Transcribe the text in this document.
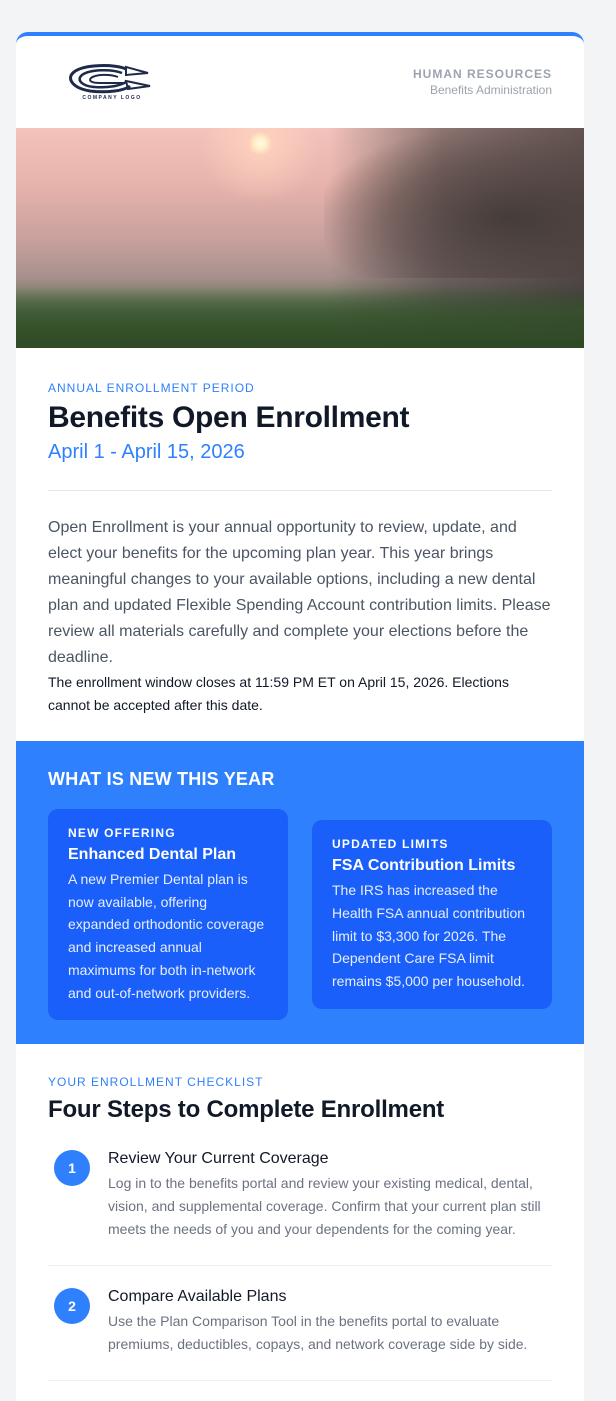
COMPANY LOGO
HUMAN RESOURCES
Benefits Administration
ANNUAL ENROLLMENT PERIOD
Benefits Open Enrollment
April 1 - April 15, 2026

Open Enrollment is your annual opportunity to review, update, and elect your benefits for the upcoming plan year. This year brings meaningful changes to your available options, including a new dental plan and updated Flexible Spending Account contribution limits. Please review all materials carefully and complete your elections before the deadline.

The enrollment window closes at 11:59 PM ET on April 15, 2026. Elections cannot be accepted after this date.

WHAT IS NEW THIS YEAR
NEW OFFERING
Enhanced Dental Plan
A new Premier Dental plan is now available, offering expanded orthodontic coverage and increased annual maximums for both in-network and out-of-network providers.
UPDATED LIMITS
FSA Contribution Limits
The IRS has increased the Health FSA annual contribution limit to $3,300 for 2026. The Dependent Care FSA limit remains $5,000 per household.
YOUR ENROLLMENT CHECKLIST
Four Steps to Complete Enrollment
1
Review Your Current Coverage
Log in to the benefits portal and review your existing medical, dental, vision, and supplemental coverage. Confirm that your current plan still meets the needs of you and your dependents for the coming year.
2
Compare Available Plans
Use the Plan Comparison Tool in the benefits portal to evaluate premiums, deductibles, copays, and network coverage side by side.
